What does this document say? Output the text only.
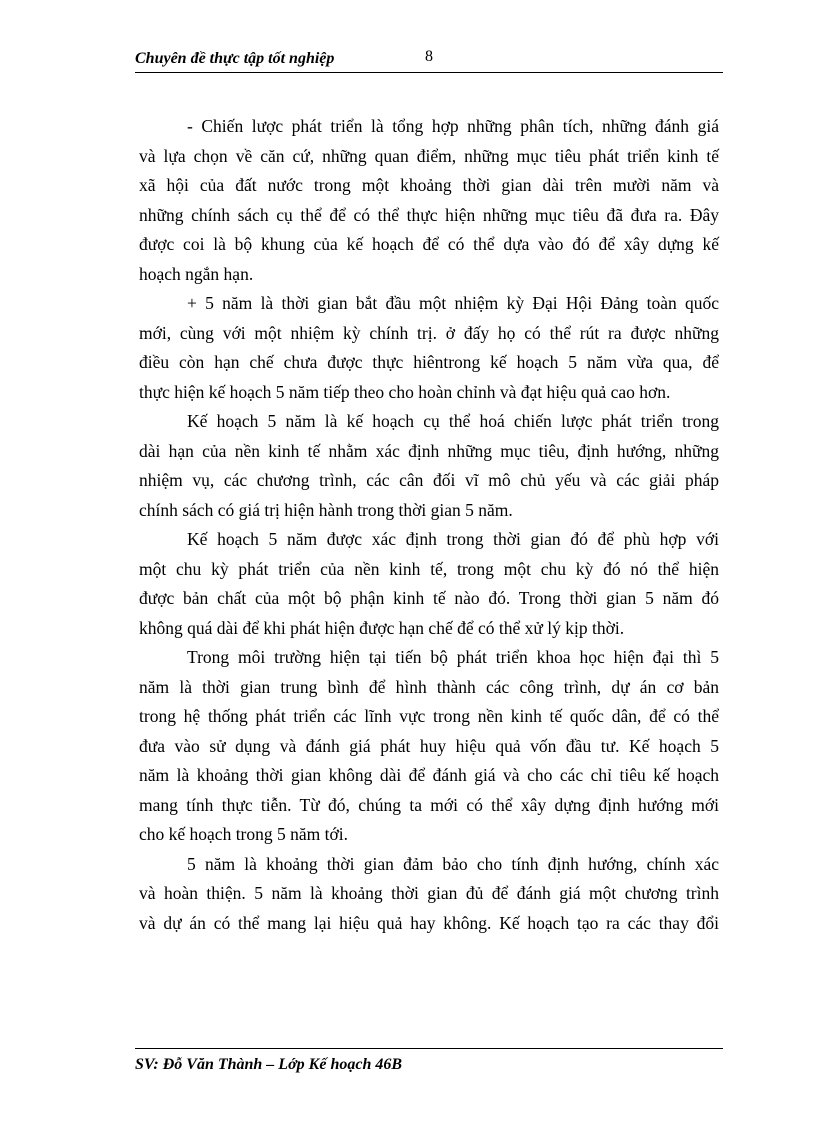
Chuyên đề thực tập tốt nghiệp	8

- Chiến lược phát triển là tổng hợp những phân tích, những đánh giá
và lựa chọn về căn cứ, những quan điểm, những mục tiêu phát triển kinh tế
xã hội của đất nước trong một khoảng thời gian dài trên mười năm và
những chính sách cụ thể để có thể thực hiện những mục tiêu đã đưa ra. Đây
được coi là bộ khung của kế hoạch để có thể dựa vào đó để xây dựng kế
hoạch ngắn hạn.

+ 5 năm là thời gian bắt đầu một nhiệm kỳ Đại Hội Đảng toàn quốc
mới, cùng với một nhiệm kỳ chính trị. ở đấy họ có thể rút ra được những
điều còn hạn chế chưa được thực hiêntrong kế hoạch 5 năm vừa qua, để
thực hiện kế hoạch 5 năm tiếp theo cho hoàn chỉnh và đạt hiệu quả cao hơn.

Kế hoạch 5 năm là kế hoạch cụ thể hoá chiến lược phát triển trong
dài hạn của nền kinh tế nhằm xác định những mục tiêu, định hướng, những
nhiệm vụ, các chương trình, các cân đối vĩ mô chủ yếu và các giải pháp
chính sách có giá trị hiện hành trong thời gian 5 năm.

Kế hoạch 5 năm được xác định trong thời gian đó để phù hợp với
một chu kỳ phát triển của nền kinh tế, trong một chu kỳ đó nó thể hiện
được bản chất của một bộ phận kinh tế nào đó. Trong thời gian 5 năm đó
không quá dài để khi phát hiện được hạn chế để có thể xử lý kịp thời.

Trong môi trường hiện tại tiến bộ phát triển khoa học hiện đại thì 5
năm là thời gian trung bình để hình thành các công trình, dự án cơ bản
trong hệ thống phát triển các lĩnh vực trong nền kinh tế quốc dân, để có thể
đưa vào sử dụng và đánh giá phát huy hiệu quả vốn đầu tư. Kế hoạch 5
năm là khoảng thời gian không dài để đánh giá và cho các chỉ tiêu kế hoạch
mang tính thực tiễn. Từ đó, chúng ta mới có thể xây dựng định hướng mới
cho kế hoạch trong 5 năm tới.

5 năm là khoảng thời gian đảm bảo cho tính định hướng, chính xác
và hoàn thiện. 5 năm là khoảng thời gian đủ để đánh giá một chương trình
và dự án có thể mang lại hiệu quả hay không. Kế hoạch tạo ra các thay đổi

SV: Đỗ Văn Thành – Lớp Kế hoạch 46B
